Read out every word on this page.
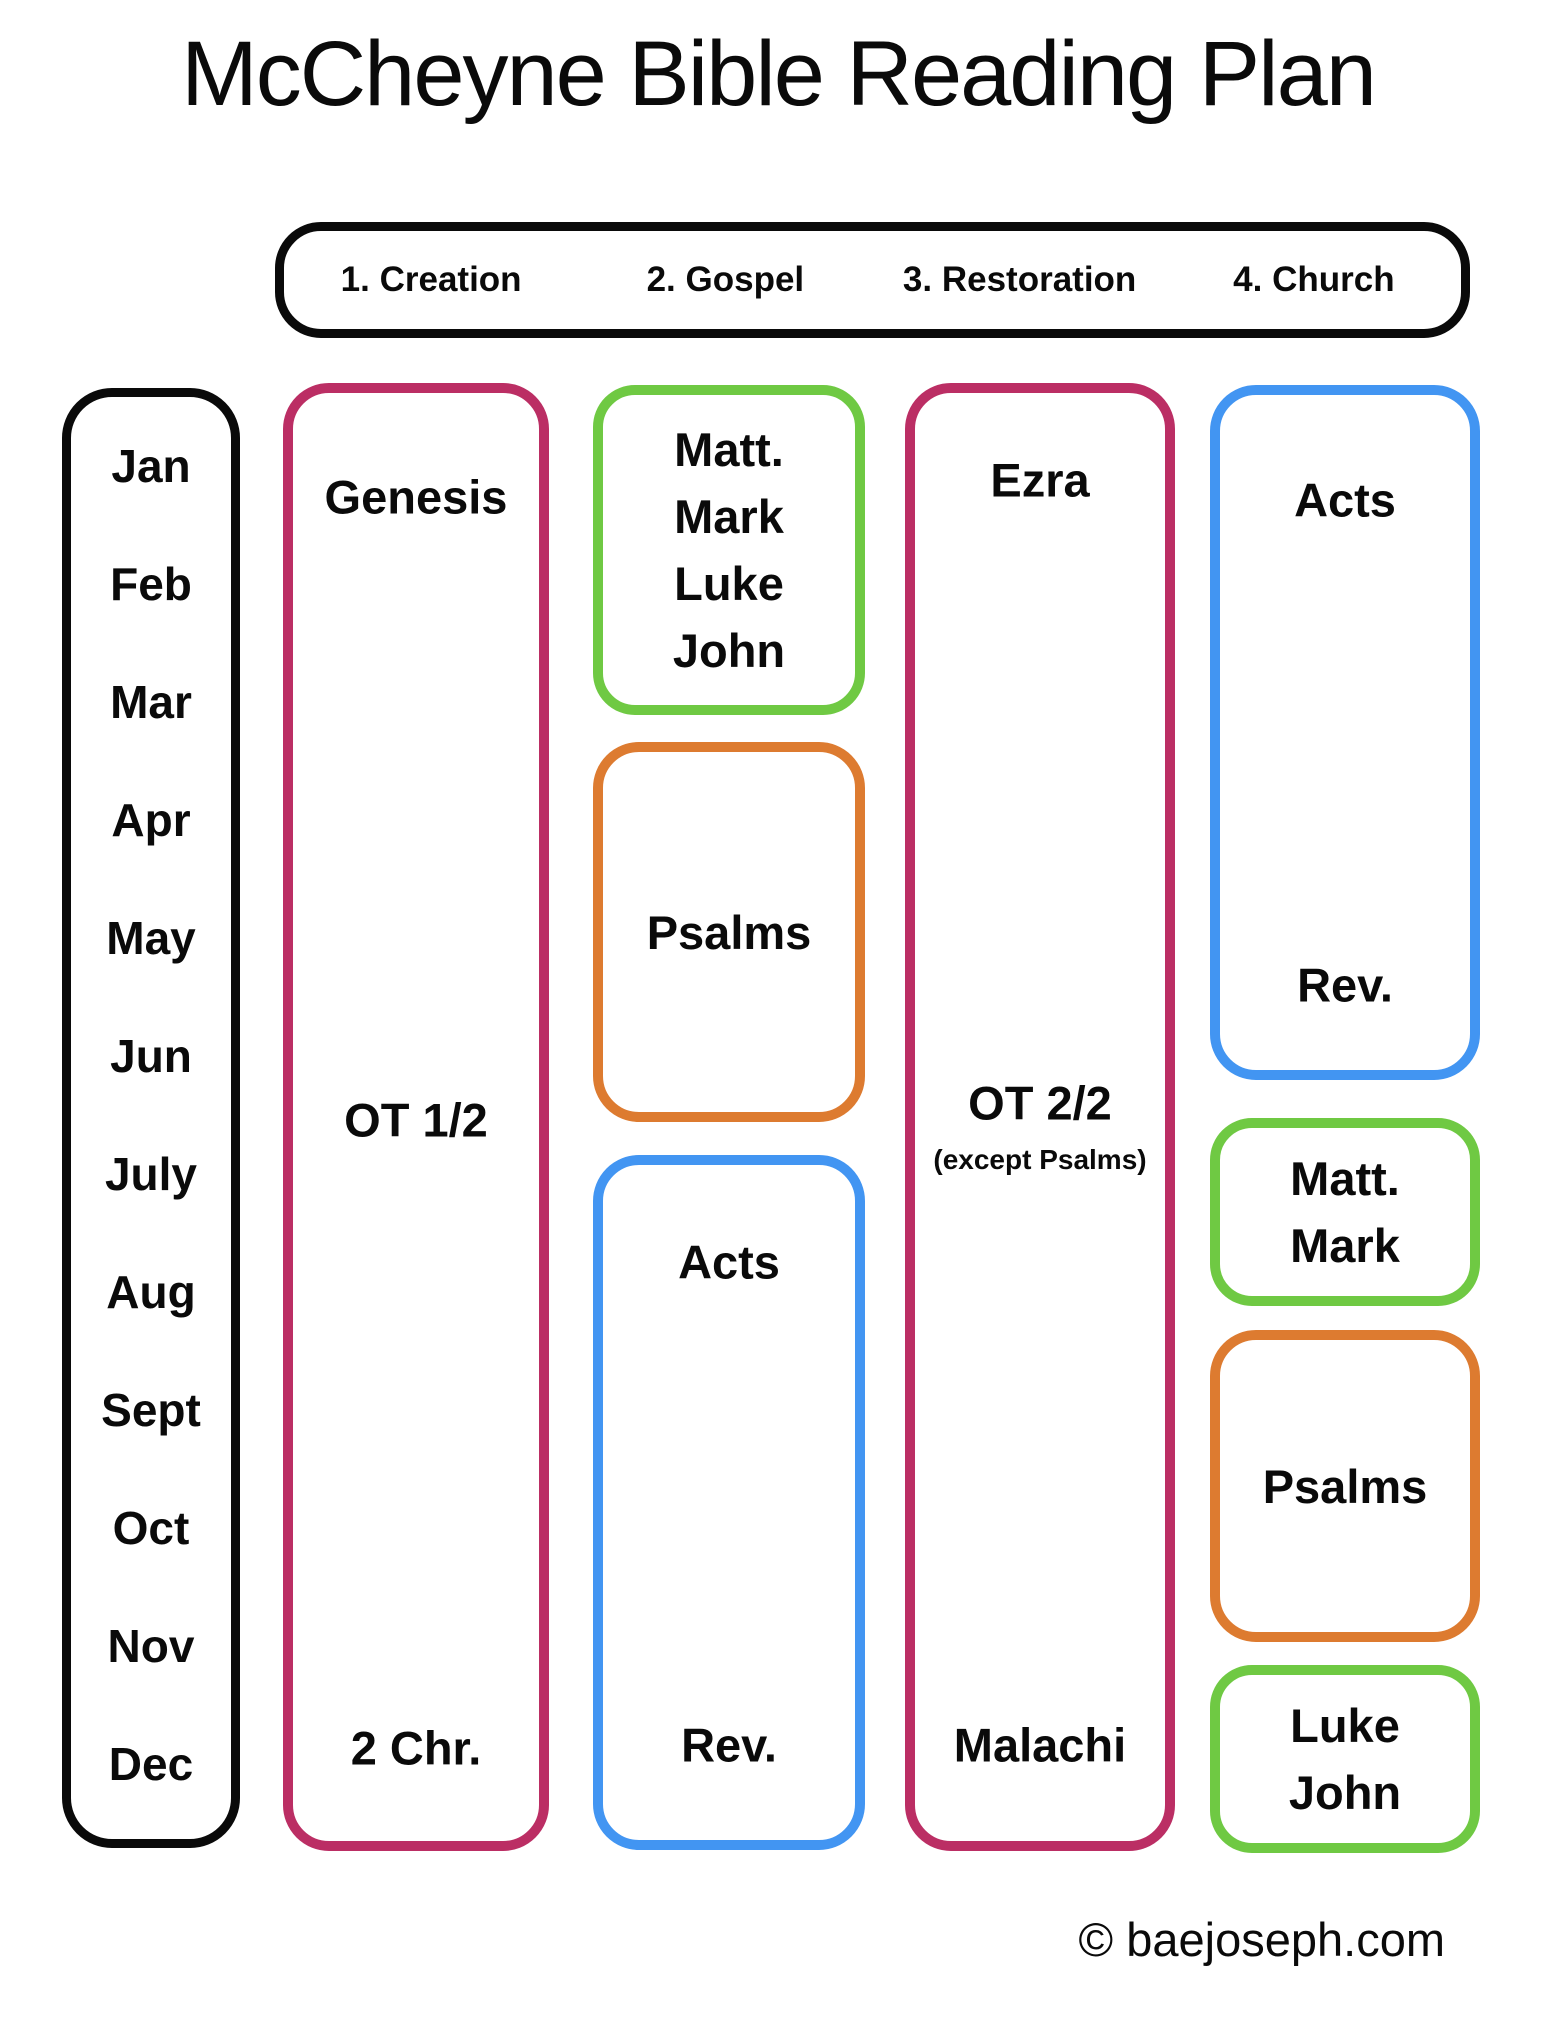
McCheyne Bible Reading Plan
1. Creation	2. Gospel	3. Restoration	4. Church
Jan
Feb
Mar
Apr
May
Jun
July
Aug
Sept
Oct
Nov
Dec
Genesis
OT 1/2
2 Chr.
Matt.
Mark
Luke
John
Psalms
Acts
Rev.
Ezra
OT 2/2
(except Psalms)
Malachi
Acts
Rev.
Matt.
Mark
Psalms
Luke
John
© baejoseph.com
